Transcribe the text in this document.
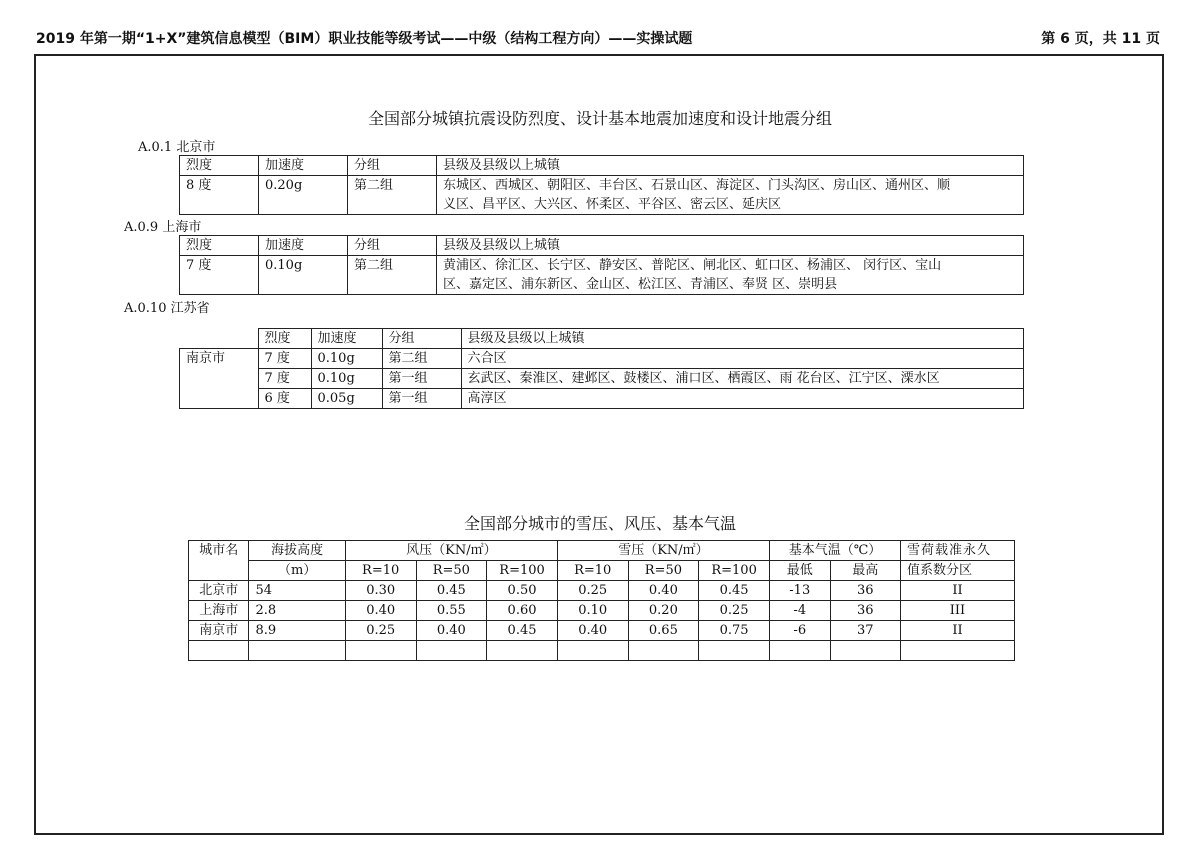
2019 年第一期“1+X”建筑信息模型（BIM）职业技能等级考试——中级（结构工程方向）——实操试题	第 6 页，共 11 页
全国部分城镇抗震设防烈度、设计基本地震加速度和设计地震分组
A.0.1 北京市
烈度	加速度	分组	县级及县级以上城镇
8 度	0.20g	第二组	东城区、西城区、朝阳区、丰台区、石景山区、海淀区、门头沟区、房山区、通州区、顺
义区、昌平区、大兴区、怀柔区、平谷区、密云区、延庆区
A.0.9 上海市
烈度	加速度	分组	县级及县级以上城镇
7 度	0.10g	第二组	黄浦区、徐汇区、长宁区、静安区、普陀区、闸北区、虹口区、杨浦区、 闵行区、宝山
区、嘉定区、浦东新区、金山区、松江区、青浦区、奉贤 区、崇明县
A.0.10 江苏省
	烈度	加速度	分组	县级及县级以上城镇
南京市	7 度	0.10g	第二组	六合区
	7 度	0.10g	第一组	玄武区、秦淮区、建邺区、鼓楼区、浦口区、栖霞区、雨 花台区、江宁区、溧水区
	6 度	0.05g	第一组	高淳区
全国部分城市的雪压、风压、基本气温
城市名	海拔高度	风压（KN/㎡）			雪压（KN/㎡）			基本气温（℃）		雪荷载准永久
	（m）	R=10	R=50	R=100	R=10	R=50	R=100	最低	最高	值系数分区
北京市	54	0.30	0.45	0.50	0.25	0.40	0.45	-13	36	II
上海市	2.8	0.40	0.55	0.60	0.10	0.20	0.25	-4	36	III
南京市	8.9	0.25	0.40	0.45	0.40	0.65	0.75	-6	37	II
